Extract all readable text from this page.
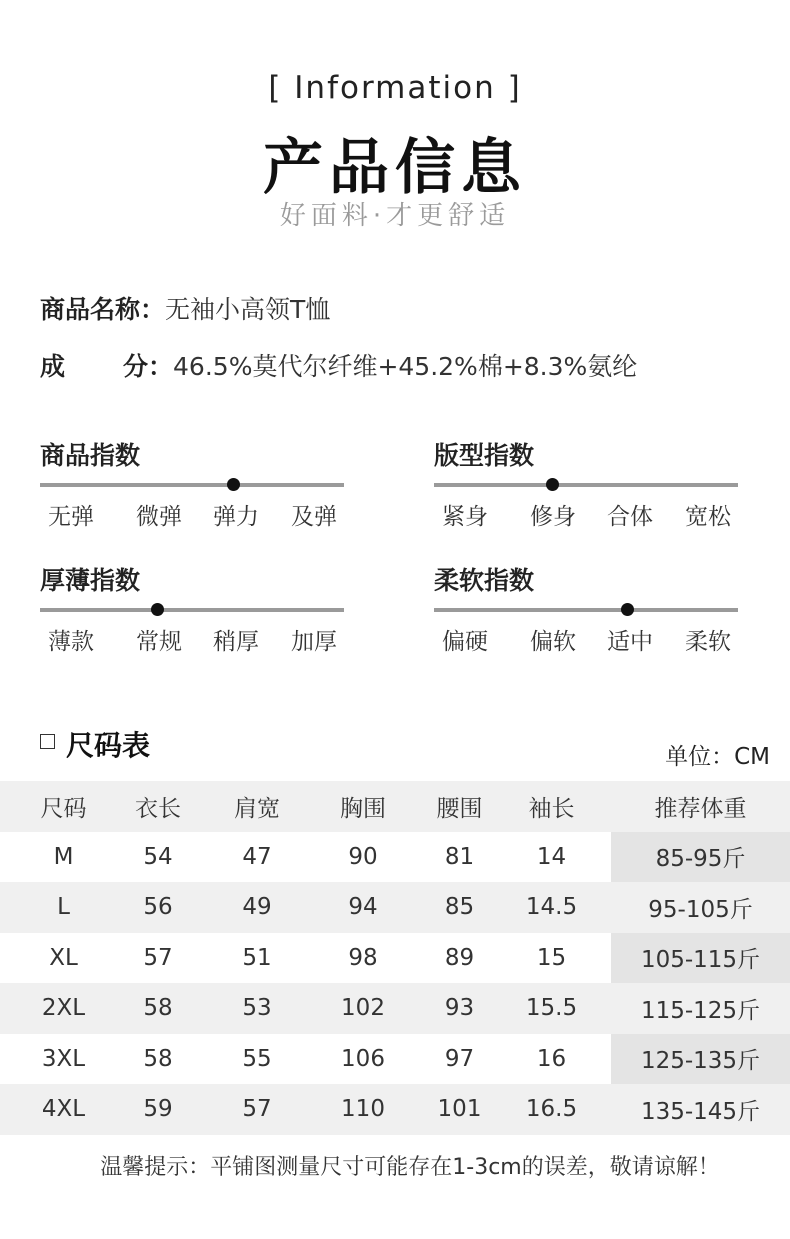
[ Information ]
产品信息
好面料·才更舒适
商品名称：无袖小高领T恤
成 分：46.5%莫代尔纤维+45.2%棉+8.3%氨纶
商品指数
无弹	微弹	弹力	及弹
版型指数
紧身	修身	合体	宽松
厚薄指数
薄款	常规	稍厚	加厚
柔软指数
偏硬	偏软	适中	柔软
尺码表	单位：CM
尺码	衣长	肩宽	胸围	腰围	袖长	推荐体重
M	54	47	90	81	14	85-95斤
L	56	49	94	85	14.5	95-105斤
XL	57	51	98	89	15	105-115斤
2XL	58	53	102	93	15.5	115-125斤
3XL	58	55	106	97	16	125-135斤
4XL	59	57	110	101	16.5	135-145斤
温馨提示：平铺图测量尺寸可能存在1-3cm的误差，敬请谅解！
